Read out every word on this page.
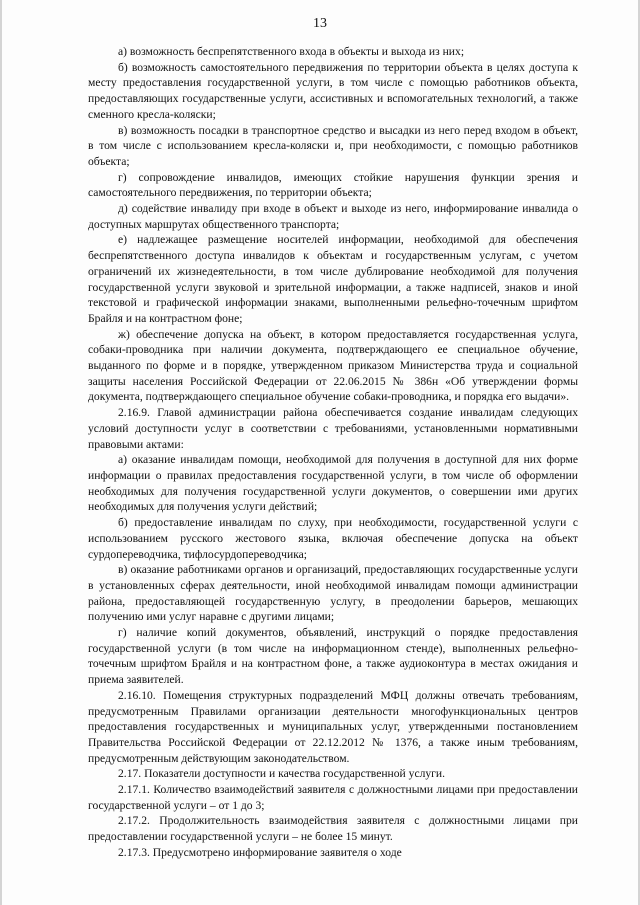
13

а) возможность беспрепятственного входа в объекты и выхода из них;

б) возможность самостоятельного передвижения по территории объекта в целях доступа к месту предоставления государственной услуги, в том числе с помощью работников объекта, предоставляющих государственные услуги, ассистивных и вспомогательных технологий, а также сменного кресла-коляски;

в) возможность посадки в транспортное средство и высадки из него перед входом в объект, в том числе с использованием кресла-коляски и, при необходимости, с помощью работников объекта;

г) сопровождение инвалидов, имеющих стойкие нарушения функции зрения и самостоятельного передвижения, по территории объекта;

д) содействие инвалиду при входе в объект и выходе из него, информирование инвалида о доступных маршрутах общественного транспорта;

е) надлежащее размещение носителей информации, необходимой для обеспечения беспрепятственного доступа инвалидов к объектам и государственным услугам, с учетом ограничений их жизнедеятельности, в том числе дублирование необходимой для получения государственной услуги звуковой и зрительной информации, а также надписей, знаков и иной текстовой и графической информации знаками, выполненными рельефно-точечным шрифтом Брайля и на контрастном фоне;

ж) обеспечение допуска на объект, в котором предоставляется государственная услуга, собаки-проводника при наличии документа, подтверждающего ее специальное обучение, выданного по форме и в порядке, утвержденном приказом Министерства труда и социальной защиты населения Российской Федерации от 22.06.2015 № 386н «Об утверждении формы документа, подтверждающего специальное обучение собаки-проводника, и порядка его выдачи».

2.16.9. Главой администрации района обеспечивается создание инвалидам следующих условий доступности услуг в соответствии с требованиями, установленными нормативными правовыми актами:

а) оказание инвалидам помощи, необходимой для получения в доступной для них форме информации о правилах предоставления государственной услуги, в том числе об оформлении необходимых для получения государственной услуги документов, о совершении ими других необходимых для получения услуги действий;

б) предоставление инвалидам по слуху, при необходимости, государственной услуги с использованием русского жестового языка, включая обеспечение допуска на объект сурдопереводчика, тифлосурдопереводчика;

в) оказание работниками органов и организаций, предоставляющих государственные услуги в установленных сферах деятельности, иной необходимой инвалидам помощи администрации района, предоставляющей государственную услугу, в преодолении барьеров, мешающих получению ими услуг наравне с другими лицами;

г) наличие копий документов, объявлений, инструкций о порядке предоставления государственной услуги (в том числе на информационном стенде), выполненных рельефно-точечным шрифтом Брайля и на контрастном фоне, а также аудиоконтура в местах ожидания и приема заявителей.

2.16.10. Помещения структурных подразделений МФЦ должны отвечать требованиям, предусмотренным Правилами организации деятельности многофункциональных центров предоставления государственных и муниципальных услуг, утвержденными постановлением Правительства Российской Федерации от 22.12.2012 № 1376, а также иным требованиям, предусмотренным действующим законодательством.

2.17. Показатели доступности и качества государственной услуги.

2.17.1. Количество взаимодействий заявителя с должностными лицами при предоставлении государственной услуги – от 1 до 3;

2.17.2. Продолжительность взаимодействия заявителя с должностными лицами при предоставлении государственной услуги – не более 15 минут.

2.17.3. Предусмотрено информирование заявителя о ходе
